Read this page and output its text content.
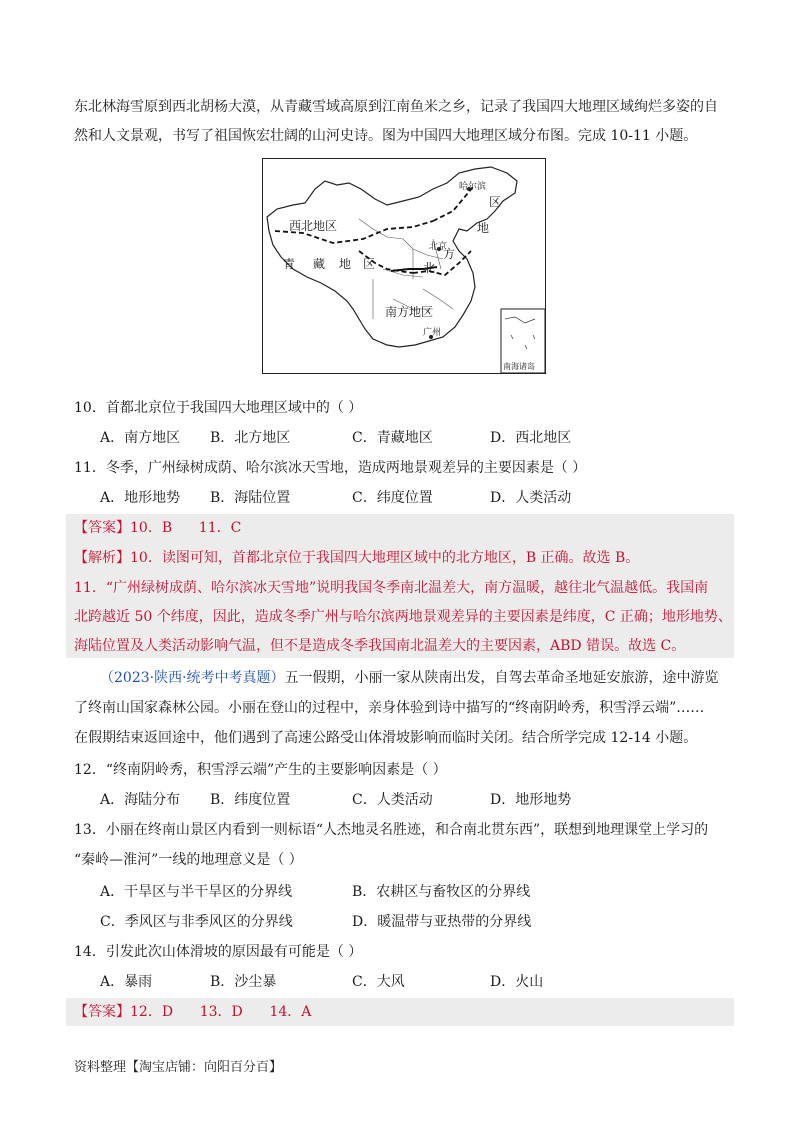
东北林海雪原到西北胡杨大漠，从青藏雪域高原到江南鱼米之乡，记录了我国四大地理区域绚烂多姿的自
然和人文景观，书写了祖国恢宏壮阔的山河史诗。图为中国四大地理区域分布图。完成 10-11 小题。
西北地区
青 藏 地 区
南方地区
北
方
地
区
北京
哈尔滨
广州
南海诸岛
10．首都北京位于我国四大地理区域中的（ ）
A．南方地区 B．北方地区	C．青藏地区	D．西北地区
11．冬季，广州绿树成荫、哈尔滨冰天雪地，造成两地景观差异的主要因素是（ ）
A．地形地势 B．海陆位置	C．纬度位置	D．人类活动
【答案】10．B      11．C
【解析】10．读图可知，首都北京位于我国四大地理区域中的北方地区，B 正确。故选 B。
11．“广州绿树成荫、哈尔滨冰天雪地”说明我国冬季南北温差大，南方温暖，越往北气温越低。我国南
北跨越近 50 个纬度，因此，造成冬季广州与哈尔滨两地景观差异的主要因素是纬度，C 正确；地形地势、
海陆位置及人类活动影响气温，但不是造成冬季我国南北温差大的主要因素，ABD 错误。故选 C。
（2023·陕西·统考中考真题）五一假期，小丽一家从陕南出发，自驾去革命圣地延安旅游，途中游览
了终南山国家森林公园。小丽在登山的过程中，亲身体验到诗中描写的“终南阴岭秀，积雪浮云端”……
在假期结束返回途中，他们遇到了高速公路受山体滑坡影响而临时关闭。结合所学完成 12-14 小题。
12．“终南阴岭秀，积雪浮云端”产生的主要影响因素是（ ）
A．海陆分布 B．纬度位置	C．人类活动	D．地形地势
13．小丽在终南山景区内看到一则标语“人杰地灵名胜迹，和合南北贯东西”，联想到地理课堂上学习的
“秦岭—淮河”一线的地理意义是（ ）
A．干旱区与半干旱区的分界线	B．农耕区与畜牧区的分界线
C．季风区与非季风区的分界线	D．暖温带与亚热带的分界线
14．引发此次山体滑坡的原因最有可能是（ ）
A．暴雨	B．沙尘暴	C．大风	D．火山
【答案】12．D      13．D      14．A
资料整理【淘宝店铺：向阳百分百】
